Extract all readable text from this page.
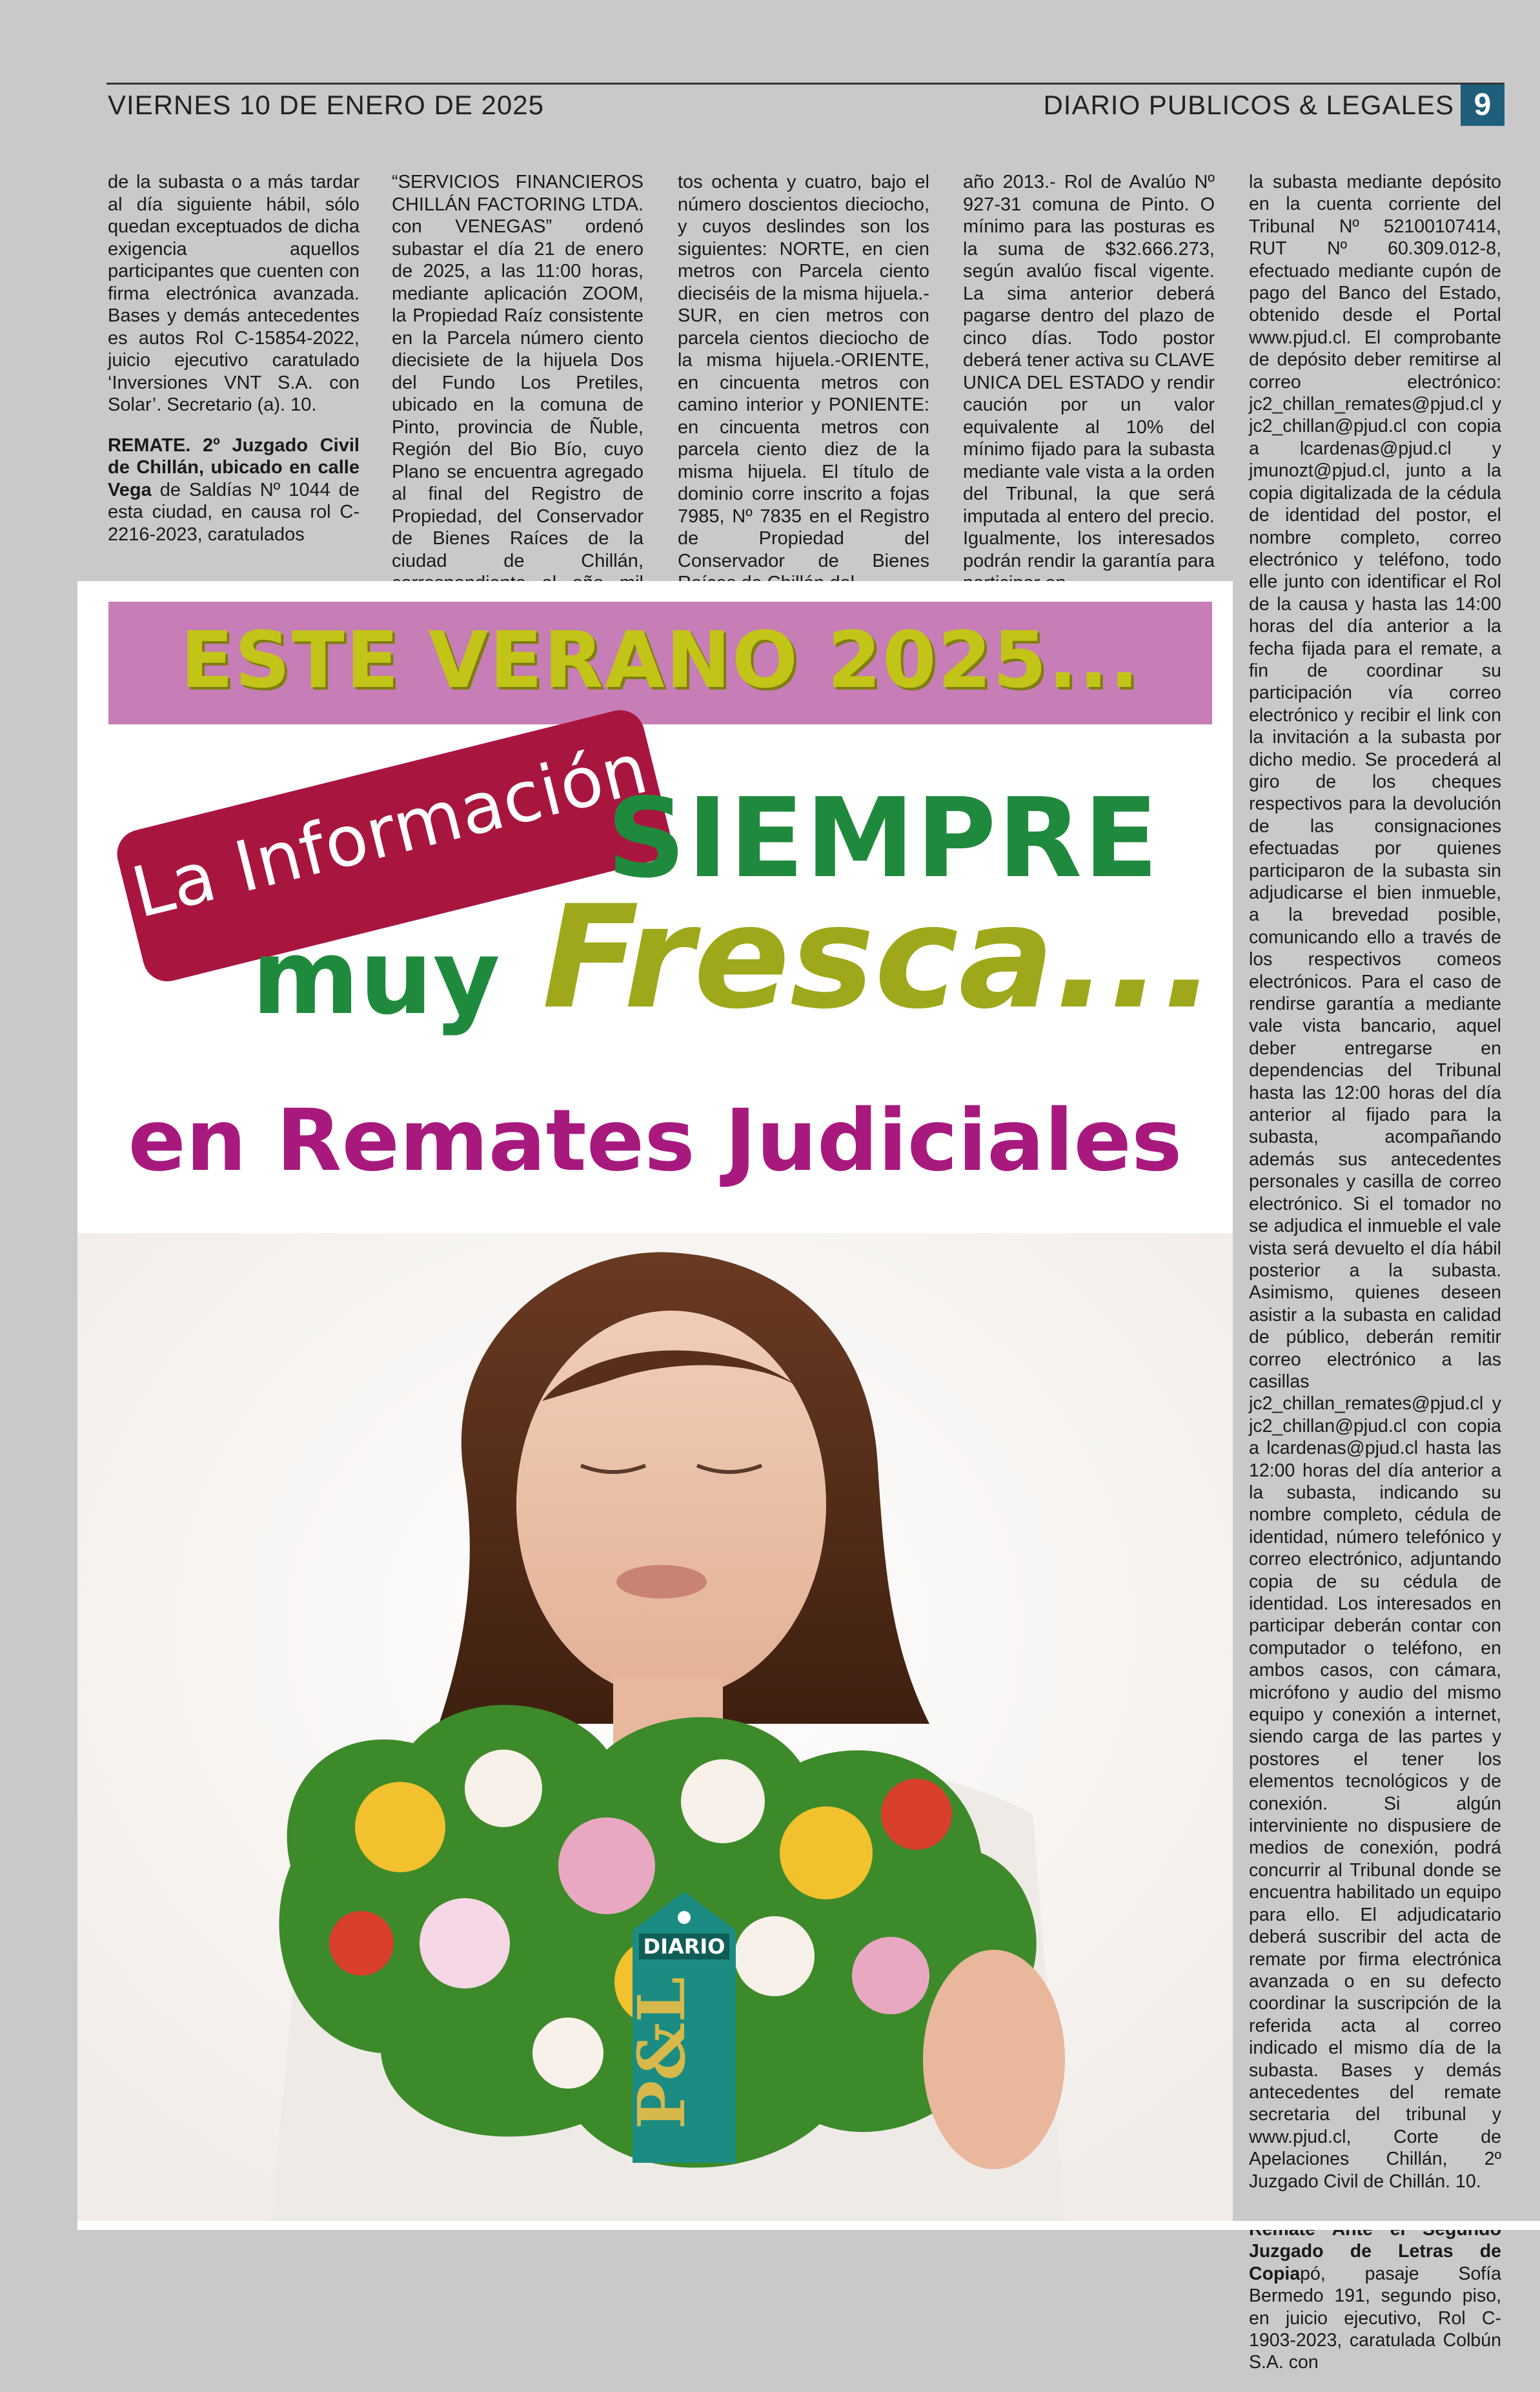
VIERNES 10 DE ENERO DE 2025	DIARIO PUBLICOS & LEGALES 9

de la subasta o a más tardar al día siguiente hábil, sólo quedan exceptuados de dicha exigencia aquellos participantes que cuenten con firma electrónica avanzada. Bases y demás antecedentes es autos Rol C-15854-2022, juicio ejecutivo caratulado ‘Inversiones VNT S.A. con Solar’. Secretario (a). 10.

REMATE. 2º Juzgado Civil de Chillán, ubicado en calle Vega de Saldías Nº 1044 de esta ciudad, en causa rol C-2216-2023, caratulados

“SERVICIOS FINANCIEROS CHILLÁN FACTORING LTDA. con VENEGAS” ordenó subastar el día 21 de enero de 2025, a las 11:00 horas, mediante aplicación ZOOM, la Propiedad Raíz consistente en la Parcela número ciento diecisiete de la hijuela Dos del Fundo Los Pretiles, ubicado en la comuna de Pinto, provincia de Ñuble, Región del Bio Bío, cuyo Plano se encuentra agregado al final del Registro de Propiedad, del Conservador de Bienes Raíces de la ciudad de Chillán,

tos ochenta y cuatro, bajo el número doscientos dieciocho, y cuyos deslindes son los siguientes: NORTE, en cien metros con Parcela ciento dieciséis de la misma hijuela.- SUR, en cien metros con parcela cientos dieciocho de la misma hijuela.-ORIENTE, en cincuenta metros con camino interior y PONIENTE: en cincuenta metros con parcela ciento diez de la misma hijuela. El título de dominio corre inscrito a fojas 7985, Nº 7835 en el Registro de Propiedad del Conservador de Bienes

año 2013.- Rol de Avalúo Nº 927-31 comuna de Pinto. O mínimo para las posturas es la suma de $32.666.273, según avalúo fiscal vigente. La sima anterior deberá pagarse dentro del plazo de cinco días. Todo postor deberá tener activa su CLAVE UNICA DEL ESTADO y rendir caución por un valor equivalente al 10% del mínimo fijado para la subasta mediante vale vista a la orden del Tribunal, la que será imputada al entero del precio. Igualmente, los interesados podrán rendir la garantía para

la subasta mediante depósito en la cuenta corriente del Tribunal Nº 52100107414, RUT Nº 60.309.012-8, efectuado mediante cupón de pago del Banco del Estado, obtenido desde el Portal www.pjud.cl. El comprobante de depósito deber remitirse al correo electrónico: jc2_chillan_remates@pjud.cl y jc2_chillan@pjud.cl con copia a lcardenas@pjud.cl y jmunozt@pjud.cl, junto a la copia digitalizada de la cédula de identidad del postor, el nombre completo, correo electrónico y teléfono, todo elle junto con identificar el Rol de la causa y hasta las 14:00 horas del día anterior a la fecha fijada para el remate, a fin de coordinar su participación vía correo electrónico y recibir el link con la invitación a la subasta por dicho medio. Se procederá al giro de los cheques respectivos para la devolución de las consignaciones efectuadas por quienes participaron de la subasta sin adjudicarse el bien inmueble, a la brevedad posible, comunicando ello a través de los respectivos comeos electrónicos. Para el caso de rendirse garantía a mediante vale vista bancario, aquel deber entregarse en dependencias del Tribunal hasta las 12:00 horas del día anterior al fijado para la subasta, acompañando además sus antecedentes personales y casilla de correo electrónico. Si el tomador no se adjudica el inmueble el vale vista será devuelto el día hábil posterior a la subasta. Asimismo, quienes deseen asistir a la subasta en calidad de público, deberán remitir correo electrónico a las casillas jc2_chillan_remates@pjud.cl y jc2_chillan@pjud.cl con copia a lcardenas@pjud.cl hasta las 12:00 horas del día anterior a la subasta, indicando su nombre completo, cédula de identidad, número telefónico y correo electrónico, adjuntando copia de su cédula de identidad. Los interesados en participar deberán contar con computador o teléfono, en ambos casos, con cámara, micrófono y audio del mismo equipo y conexión a internet, siendo carga de las partes y postores el tener los elementos tecnológicos y de conexión. Si algún interviniente no dispusiere de medios de conexión, podrá concurrir al Tribunal donde se encuentra habilitado un equipo para ello. El adjudicatario deberá suscribir del acta de remate por firma electrónica avanzada o en su defecto coordinar la suscripción de la referida acta al correo indicado el mismo día de la subasta. Bases y demás antecedentes del remate secretaria del tribunal y www.pjud.cl, Corte de Apelaciones Chillán, 2º Juzgado Civil de Chillán. 10.

Juzgado de Letras de Copiapó, pasaje Sofía Bermedo 191, segundo piso, en juicio ejecutivo, Rol C-1903-2023, caratulada Colbún S.A. con

ESTE VERANO 2025...
La Información
SIEMPRE
Fresca...
muy
en Remates Judiciales
DIARIO
P&L
